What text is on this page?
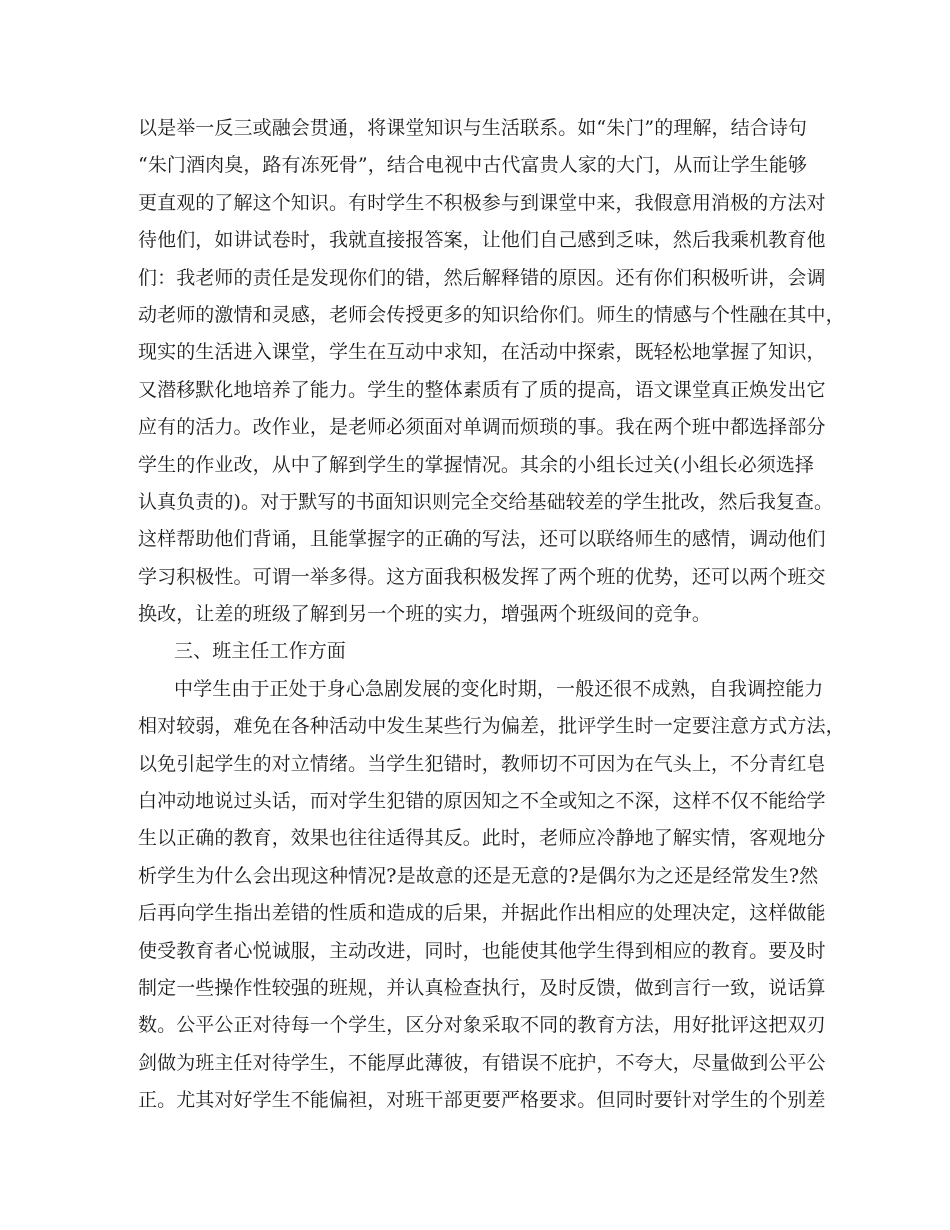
以是举一反三或融会贯通，将课堂知识与生活联系。如“朱门”的理解，结合诗句
“朱门酒肉臭，路有冻死骨”，结合电视中古代富贵人家的大门，从而让学生能够
更直观的了解这个知识。有时学生不积极参与到课堂中来，我假意用消极的方法对
待他们，如讲试卷时，我就直接报答案，让他们自己感到乏味，然后我乘机教育他
们：我老师的责任是发现你们的错，然后解释错的原因。还有你们积极听讲，会调
动老师的激情和灵感，老师会传授更多的知识给你们。师生的情感与个性融在其中，
现实的生活进入课堂，学生在互动中求知，在活动中探索，既轻松地掌握了知识，
又潜移默化地培养了能力。学生的整体素质有了质的提高，语文课堂真正焕发出它
应有的活力。改作业，是老师必须面对单调而烦琐的事。我在两个班中都选择部分
学生的作业改，从中了解到学生的掌握情况。其余的小组长过关(小组长必须选择
认真负责的)。对于默写的书面知识则完全交给基础较差的学生批改，然后我复查。
这样帮助他们背诵，且能掌握字的正确的写法，还可以联络师生的感情，调动他们
学习积极性。可谓一举多得。这方面我积极发挥了两个班的优势，还可以两个班交
换改，让差的班级了解到另一个班的实力，增强两个班级间的竞争。
三、班主任工作方面
中学生由于正处于身心急剧发展的变化时期，一般还很不成熟，自我调控能力
相对较弱，难免在各种活动中发生某些行为偏差，批评学生时一定要注意方式方法，
以免引起学生的对立情绪。当学生犯错时，教师切不可因为在气头上，不分青红皂
白冲动地说过头话，而对学生犯错的原因知之不全或知之不深，这样不仅不能给学
生以正确的教育，效果也往往适得其反。此时，老师应冷静地了解实情，客观地分
析学生为什么会出现这种情况?是故意的还是无意的?是偶尔为之还是经常发生?然
后再向学生指出差错的性质和造成的后果，并据此作出相应的处理决定，这样做能
使受教育者心悦诚服，主动改进，同时，也能使其他学生得到相应的教育。要及时
制定一些操作性较强的班规，并认真检查执行，及时反馈，做到言行一致，说话算
数。公平公正对待每一个学生，区分对象采取不同的教育方法，用好批评这把双刃
剑做为班主任对待学生，不能厚此薄彼，有错误不庇护，不夸大，尽量做到公平公
正。尤其对好学生不能偏袒，对班干部更要严格要求。但同时要针对学生的个别差
